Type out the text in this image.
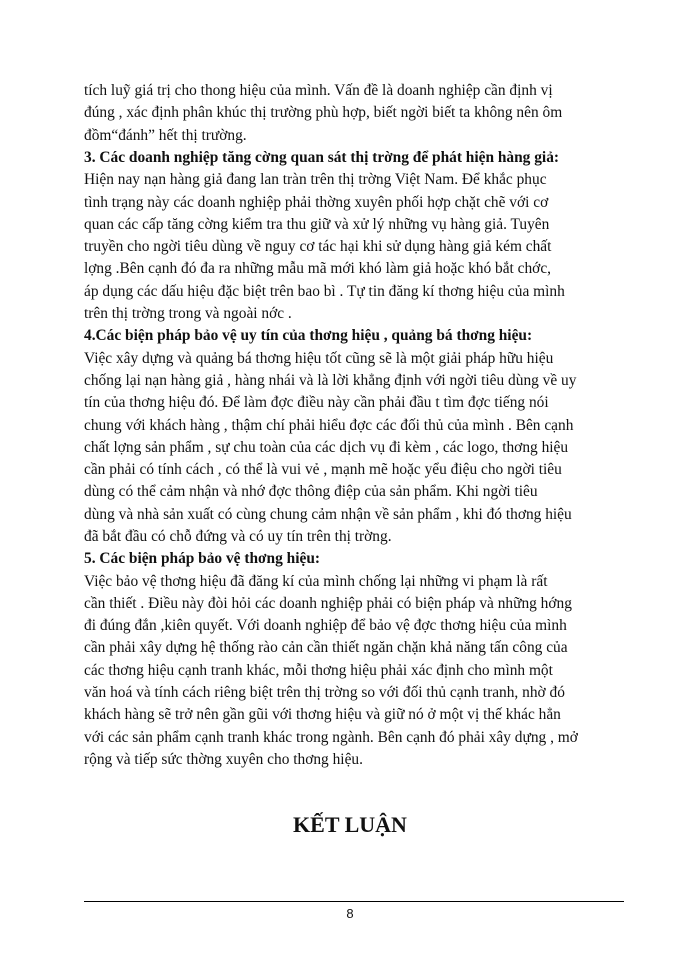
tích luỹ giá trị cho thong hiệu của mình. Vấn đề là doanh nghiệp cần định vị
đúng , xác định phân khúc thị trường phù hợp, biết ngời biết ta không nên ôm
đồm“đánh” hết thị trường.
3. Các doanh nghiệp tăng cờng quan sát thị trờng để phát hiện hàng giả:
Hiện nay nạn hàng giả đang lan tràn trên thị trờng Việt Nam. Để khắc phục
tình trạng này các doanh nghiệp phải thờng xuyên phối hợp chặt chẽ với cơ
quan các cấp tăng cờng kiểm tra thu giữ và xử lý những vụ hàng giả. Tuyên
truyền cho ngời tiêu dùng về nguy cơ tác hại khi sử dụng hàng giả kém chất
lợng .Bên cạnh đó đa ra những mẫu mã mới khó làm giả hoặc khó bắt chớc,
áp dụng các dấu hiệu đặc biệt trên bao bì . Tự tin đăng kí thơng hiệu của mình
trên thị trờng trong và ngoài nớc .
4.Các biện pháp bảo vệ uy tín của thơng hiệu , quảng bá thơng hiệu:
Việc xây dựng và quảng bá thơng hiệu tốt cũng sẽ là một giải pháp hữu hiệu
chống lại nạn hàng giả , hàng nhái và là lời khẳng định với ngời tiêu dùng về uy
tín của thơng hiệu đó. Để làm đợc điều này cần phải đầu t tìm đợc tiếng nói
chung với khách hàng , thậm chí phải hiểu đợc các đối thủ của mình . Bên cạnh
chất lợng sản phẩm , sự chu toàn của các dịch vụ đi kèm , các logo, thơng hiệu
cần phải có tính cách , có thể là vui vẻ , mạnh mẽ hoặc yểu điệu cho ngời tiêu
dùng có thể cảm nhận và nhớ đợc thông điệp của sản phẩm. Khi ngời tiêu
dùng và nhà sản xuất có cùng chung cảm nhận về sản phẩm , khi đó thơng hiệu
đã bắt đầu có chỗ đứng và có uy tín trên thị trờng.
5. Các biện pháp bảo vệ thơng hiệu:
Việc bảo vệ thơng hiệu đã đăng kí của mình chống lại những vi phạm là rất
cần thiết . Điều này đòi hỏi các doanh nghiệp phải có biện pháp và những hớng
đi đúng đắn ,kiên quyết. Với doanh nghiệp để bảo vệ đợc thơng hiệu của mình
cần phải xây dựng hệ thống rào cản cần thiết ngăn chặn khả năng tấn công của
các thơng hiệu cạnh tranh khác, mỗi thơng hiệu phải xác định cho mình một
văn hoá và tính cách riêng biệt trên thị trờng so với đối thủ cạnh tranh, nhờ đó
khách hàng sẽ trở nên gần gũi với thơng hiệu và giữ nó ở một vị thế khác hẳn
với các sản phẩm cạnh tranh khác trong ngành. Bên cạnh đó phải xây dựng , mở
rộng và tiếp sức thờng xuyên cho thơng hiệu.
KẾT LUẬN
8
